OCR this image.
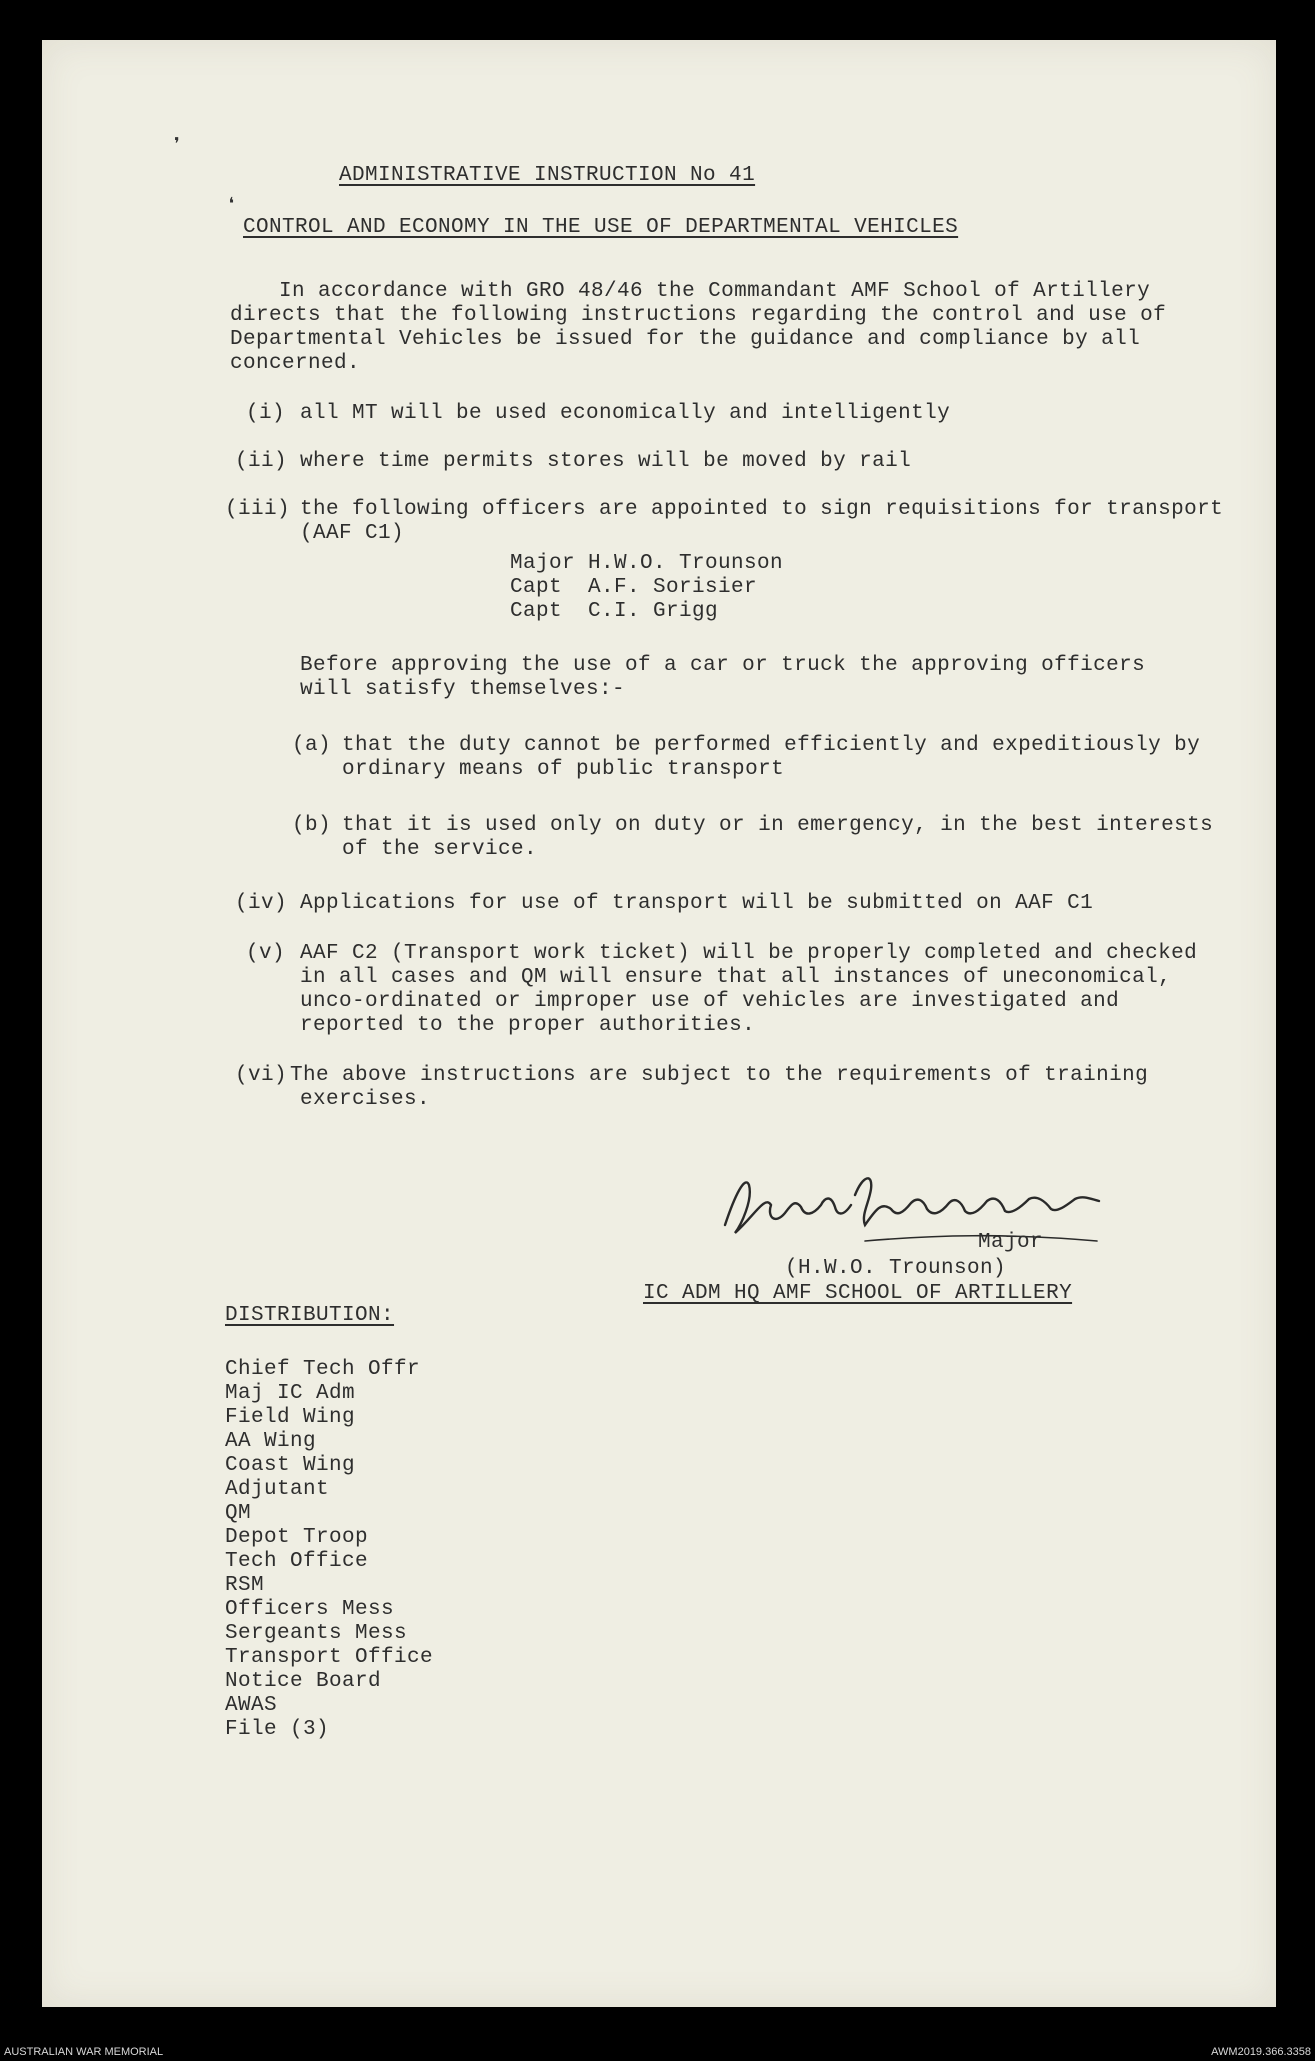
❜
❛
ADMINISTRATIVE INSTRUCTION No 41
CONTROL AND ECONOMY IN THE USE OF DEPARTMENTAL VEHICLES
In accordance with GRO 48/46 the Commandant AMF School of Artillery
directs that the following instructions regarding the control and use of
Departmental Vehicles be issued for the guidance and compliance by all
concerned.
(i) all MT will be used economically and intelligently
(ii) where time permits stores will be moved by rail
(iii) the following officers are appointed to sign requisitions for transport
(AAF C1)
Major H.W.O. Trounson
Capt  A.F. Sorisier
Capt  C.I. Grigg
Before approving the use of a car or truck the approving officers
will satisfy themselves:-
(a) that the duty cannot be performed efficiently and expeditiously by
ordinary means of public transport
(b) that it is used only on duty or in emergency, in the best interests
of the service.
(iv) Applications for use of transport will be submitted on AAF C1
(v) AAF C2 (Transport work ticket) will be properly completed and checked
in all cases and QM will ensure that all instances of uneconomical,
unco-ordinated or improper use of vehicles are investigated and
reported to the proper authorities.
(vi) The above instructions are subject to the requirements of training
exercises.
Major
(H.W.O. Trounson)
IC ADM HQ AMF SCHOOL OF ARTILLERY
DISTRIBUTION:
Chief Tech Offr
Maj IC Adm
Field Wing
AA Wing
Coast Wing
Adjutant
QM
Depot Troop
Tech Office
RSM
Officers Mess
Sergeants Mess
Transport Office
Notice Board
AWAS
File (3)
AUSTRALIAN WAR MEMORIAL	AWM2019.366.3358
